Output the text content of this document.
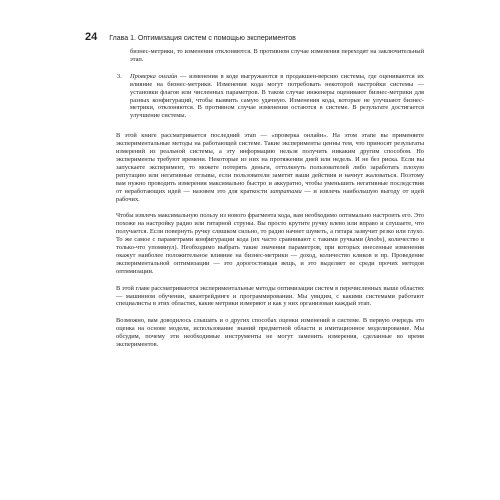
24 Глава 1. Оптимизация систем с помощью экспериментов

бизнес-метрики, то изменения отклоняются. В противном случае изменения переходят на заключительный этап.

3. Проверка онлайн — изменения в коде выгружаются в продакшен-версию системы, где оцениваются их влияние на бизнес-метрики. Изменения кода могут потребовать некоторой настройки системы — установки флагов или численных параметров. В таком случае инженеры оценивают бизнес-метрики для разных конфигураций, чтобы выявить самую удачную. Изменения кода, которые не улучшают бизнес-метрики, отклоняются. В противном случае изменения остаются в системе. В результате достигается улучшение системы.

В этой книге рассматривается последний этап — «проверка онлайн». На этом этапе вы применяете экспериментальные методы на работающей системе. Такие эксперименты ценны тем, что приносят результаты измерений из реальной системы, а эту информацию нельзя получить никаким другим способом. Но эксперименты требуют времени. Некоторые из них на протяжении дней или недель. И не без риска. Если вы запускаете эксперимент, то можете потерять деньги, оттолкнуть пользователей либо заработать плохую репутацию или негативные отзывы, если пользователи заметят ваши действия и начнут жаловаться. Поэтому вам нужно проводить измерения максимально быстро и аккуратно, чтобы уменьшить негативные последствия от неработающих идей — назовем это для краткости затратами — и извлечь наибольшую выгоду от идей рабочих.

Чтобы извлечь максимальную пользу из нового фрагмента кода, вам необходимо оптимально настроить его. Это похоже на настройку радио или гитарной струны. Вы просто крутите ручку влево или вправо и слушаете, что получается. Если повернуть ручку слишком сильно, то радио начнет шуметь, а гитара зазвучит резко или глухо. То же самое с параметрами конфигурации кода (их часто сравнивают с такими ручками (knobs), количество в только-что упомянул). Необходимо выбрать такие значения параметров, при которых внесенные изменения окажут наиболее положительное влияние на бизнес-метрики — доход, количество кликов и пр. Проведение экспериментальной оптимизации — это дорогостоящая вещь, и это выделяет ее среди прочих методов оптимизации.

В этой главе рассматриваются экспериментальные методы оптимизации систем в перечисленных выше областях — машинном обучении, квантрейдинге и программировании. Мы увидим, с какими системами работают специалисты в этих областях, какие метрики измеряют и как у них организован каждый этап.

Возможно, вам доводилось слышать и о других способах оценки изменений в системе. В первую очередь это оценка на основе модели, использование знаний предметной области и имитационное моделирование. Мы обсудим, почему эти необходимые инструменты не могут заменить измерения, сделанные во время экспериментов.
